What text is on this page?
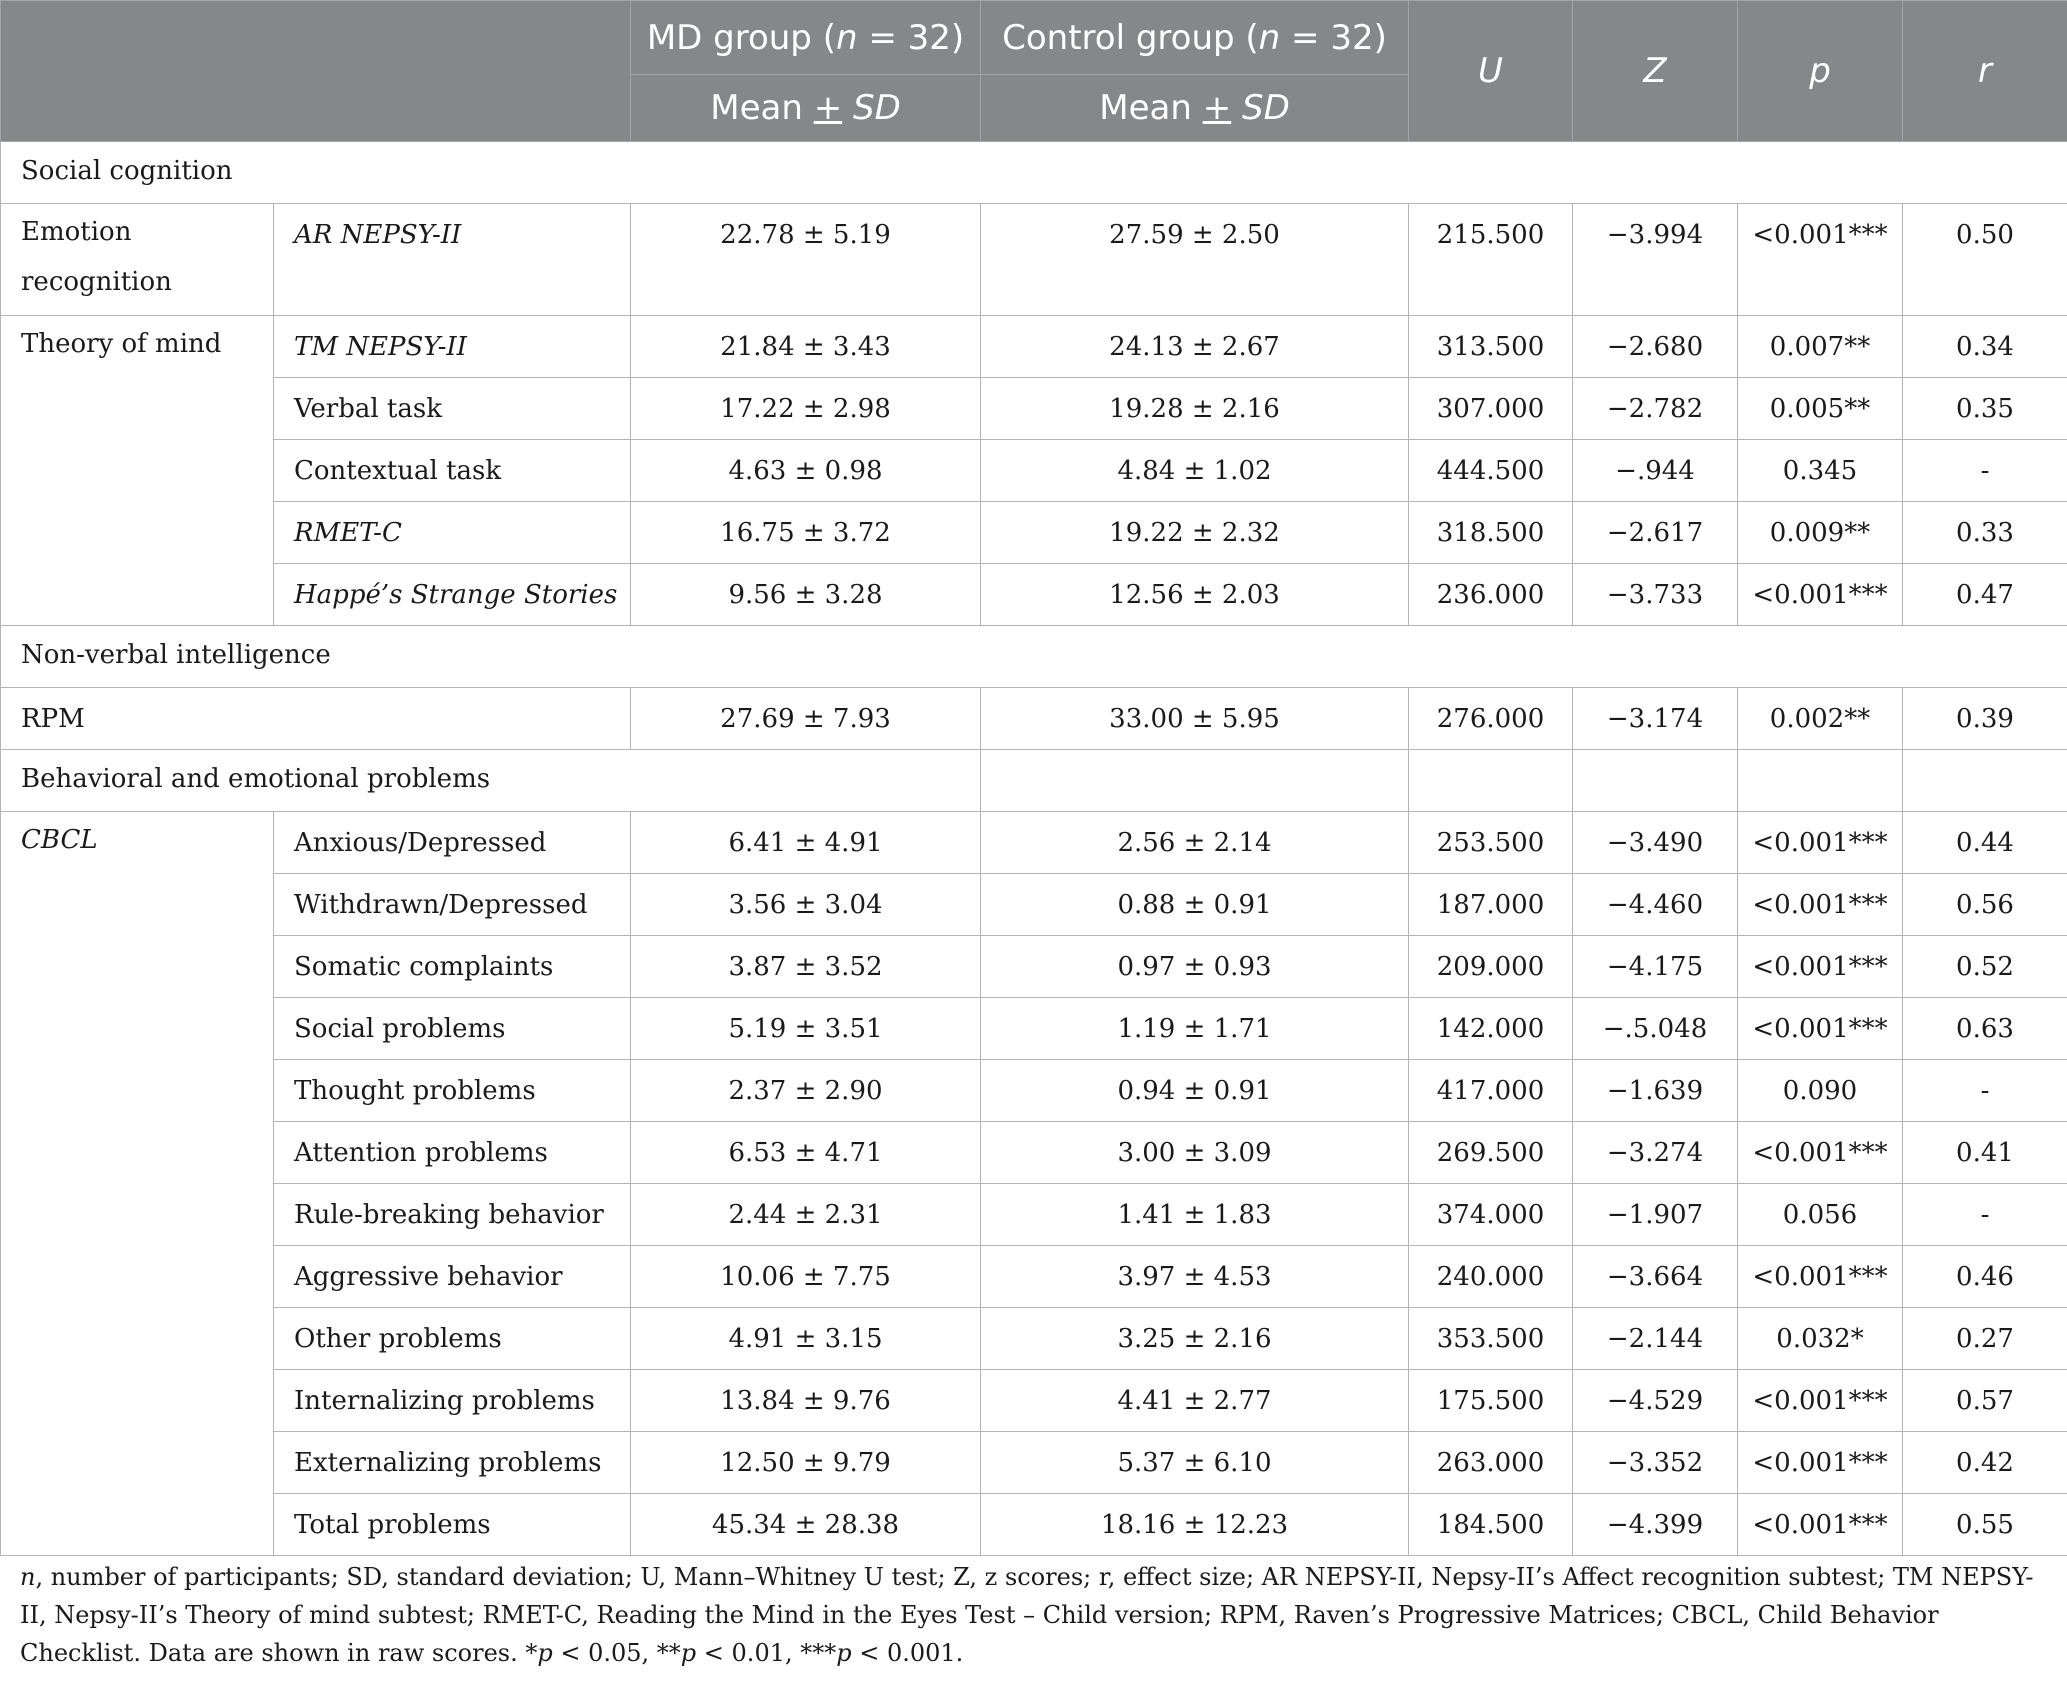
		MD group (n = 32)	Control group (n = 32)	U	Z	p	r
		Mean + SD	Mean + SD				
Social cognition							
Emotion recognition	AR NEPSY-II	22.78 ± 5.19	27.59 ± 2.50	215.500	−3.994	<0.001***	0.50
Theory of mind	TM NEPSY-II	21.84 ± 3.43	24.13 ± 2.67	313.500	−2.680	0.007**	0.34
	Verbal task	17.22 ± 2.98	19.28 ± 2.16	307.000	−2.782	0.005**	0.35
	Contextual task	4.63 ± 0.98	4.84 ± 1.02	444.500	−.944	0.345	-
	RMET-C	16.75 ± 3.72	19.22 ± 2.32	318.500	−2.617	0.009**	0.33
	Happé’s Strange Stories	9.56 ± 3.28	12.56 ± 2.03	236.000	−3.733	<0.001***	0.47
Non-verbal intelligence							
RPM		27.69 ± 7.93	33.00 ± 5.95	276.000	−3.174	0.002**	0.39
Behavioral and emotional problems							
CBCL	Anxious/Depressed	6.41 ± 4.91	2.56 ± 2.14	253.500	−3.490	<0.001***	0.44
	Withdrawn/Depressed	3.56 ± 3.04	0.88 ± 0.91	187.000	−4.460	<0.001***	0.56
	Somatic complaints	3.87 ± 3.52	0.97 ± 0.93	209.000	−4.175	<0.001***	0.52
	Social problems	5.19 ± 3.51	1.19 ± 1.71	142.000	−.5.048	<0.001***	0.63
	Thought problems	2.37 ± 2.90	0.94 ± 0.91	417.000	−1.639	0.090	-
	Attention problems	6.53 ± 4.71	3.00 ± 3.09	269.500	−3.274	<0.001***	0.41
	Rule-breaking behavior	2.44 ± 2.31	1.41 ± 1.83	374.000	−1.907	0.056	-
	Aggressive behavior	10.06 ± 7.75	3.97 ± 4.53	240.000	−3.664	<0.001***	0.46
	Other problems	4.91 ± 3.15	3.25 ± 2.16	353.500	−2.144	0.032*	0.27
	Internalizing problems	13.84 ± 9.76	4.41 ± 2.77	175.500	−4.529	<0.001***	0.57
	Externalizing problems	12.50 ± 9.79	5.37 ± 6.10	263.000	−3.352	<0.001***	0.42
	Total problems	45.34 ± 28.38	18.16 ± 12.23	184.500	−4.399	<0.001***	0.55
n, number of participants; SD, standard deviation; U, Mann–Whitney U test; Z, z scores; r, effect size; AR NEPSY-II, Nepsy-II’s Affect recognition subtest; TM NEPSY-II, Nepsy-II’s Theory of mind subtest; RMET-C, Reading the Mind in the Eyes Test – Child version; RPM, Raven’s Progressive Matrices; CBCL, Child Behavior Checklist. Data are shown in raw scores. *p < 0.05, **p < 0.01, ***p < 0.001.
